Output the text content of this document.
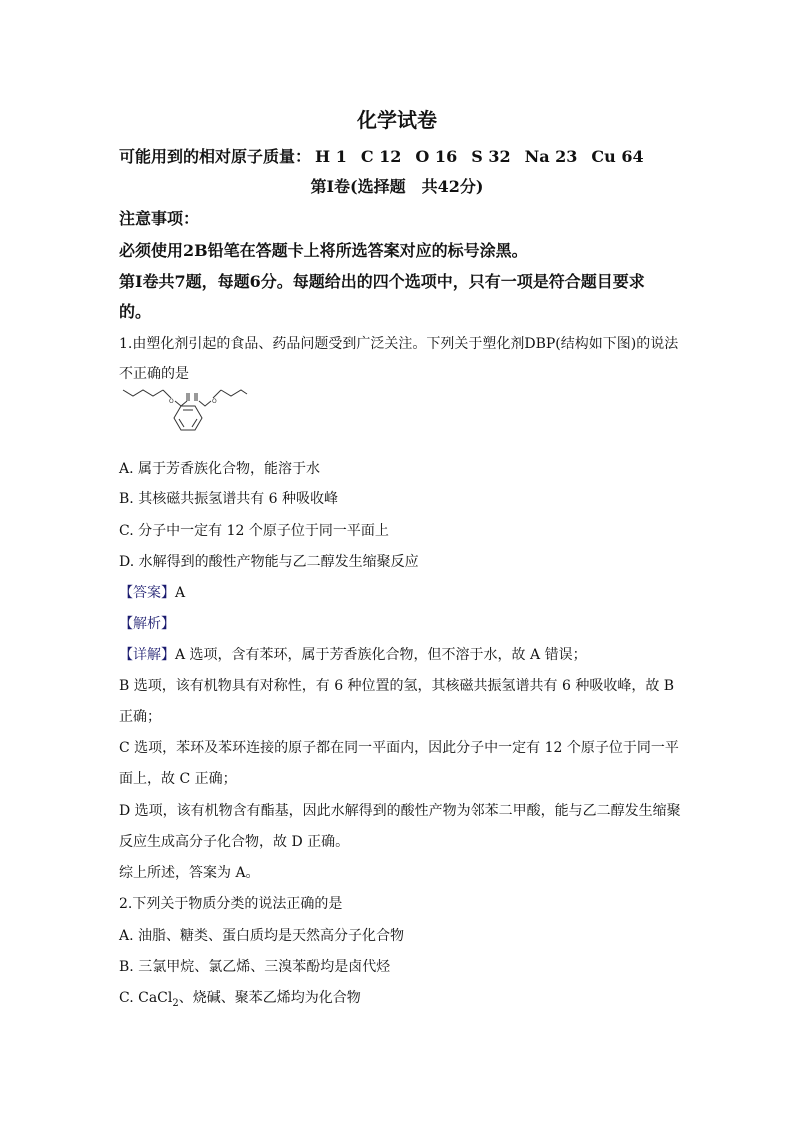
化学试卷
可能用到的相对原子质量： H 1 C 12 O 16 S 32 Na 23 Cu 64
第Ⅰ卷(选择题　共42分)
注意事项：
必须使用2B铅笔在答题卡上将所选答案对应的标号涂黑。
第Ⅰ卷共7题，每题6分。每题给出的四个选项中，只有一项是符合题目要求
的。
1.由塑化剂引起的食品、药品问题受到广泛关注。下列关于塑化剂DBP(结构如下图)的说法
不正确的是
O	O
A. 属于芳香族化合物，能溶于水
B. 其核磁共振氢谱共有 6 种吸收峰
C. 分子中一定有 12 个原子位于同一平面上
D. 水解得到的酸性产物能与乙二醇发生缩聚反应
【答案】A
【解析】
【详解】A 选项，含有苯环，属于芳香族化合物，但不溶于水，故 A 错误；
B 选项，该有机物具有对称性，有 6 种位置的氢，其核磁共振氢谱共有 6 种吸收峰，故 B
正确；
C 选项，苯环及苯环连接的原子都在同一平面内，因此分子中一定有 12 个原子位于同一平
面上，故 C 正确；
D 选项，该有机物含有酯基，因此水解得到的酸性产物为邻苯二甲酸，能与乙二醇发生缩聚
反应生成高分子化合物，故 D 正确。
综上所述，答案为 A。
2.下列关于物质分类的说法正确的是
A. 油脂、糖类、蛋白质均是天然高分子化合物
B. 三氯甲烷、氯乙烯、三溴苯酚均是卤代烃
C. CaCl$_2$、烧碱、聚苯乙烯均为化合物
